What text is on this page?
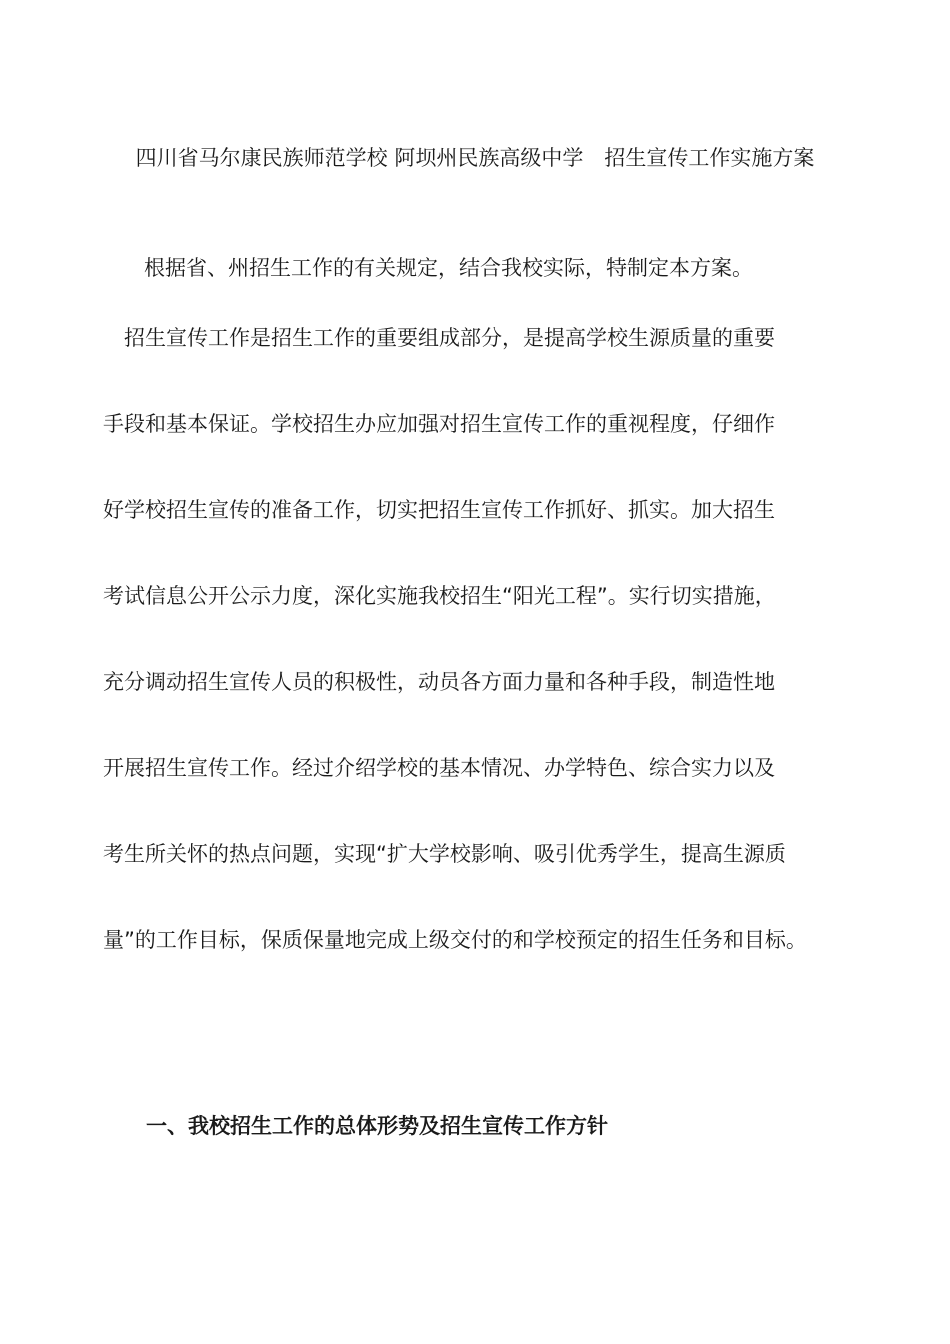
四川省马尔康民族师范学校 阿坝州民族高级中学　招生宣传工作实施方案
根据省、州招生工作的有关规定，结合我校实际，特制定本方案。
　招生宣传工作是招生工作的重要组成部分，是提高学校生源质量的重要
手段和基本保证。学校招生办应加强对招生宣传工作的重视程度，仔细作
好学校招生宣传的准备工作，切实把招生宣传工作抓好、抓实。加大招生
考试信息公开公示力度，深化实施我校招生“阳光工程”。实行切实措施，
充分调动招生宣传人员的积极性，动员各方面力量和各种手段，制造性地
开展招生宣传工作。经过介绍学校的基本情况、办学特色、综合实力以及
考生所关怀的热点问题，实现“扩大学校影响、吸引优秀学生，提高生源质
量”的工作目标，保质保量地完成上级交付的和学校预定的招生任务和目标。
一、我校招生工作的总体形势及招生宣传工作方针
